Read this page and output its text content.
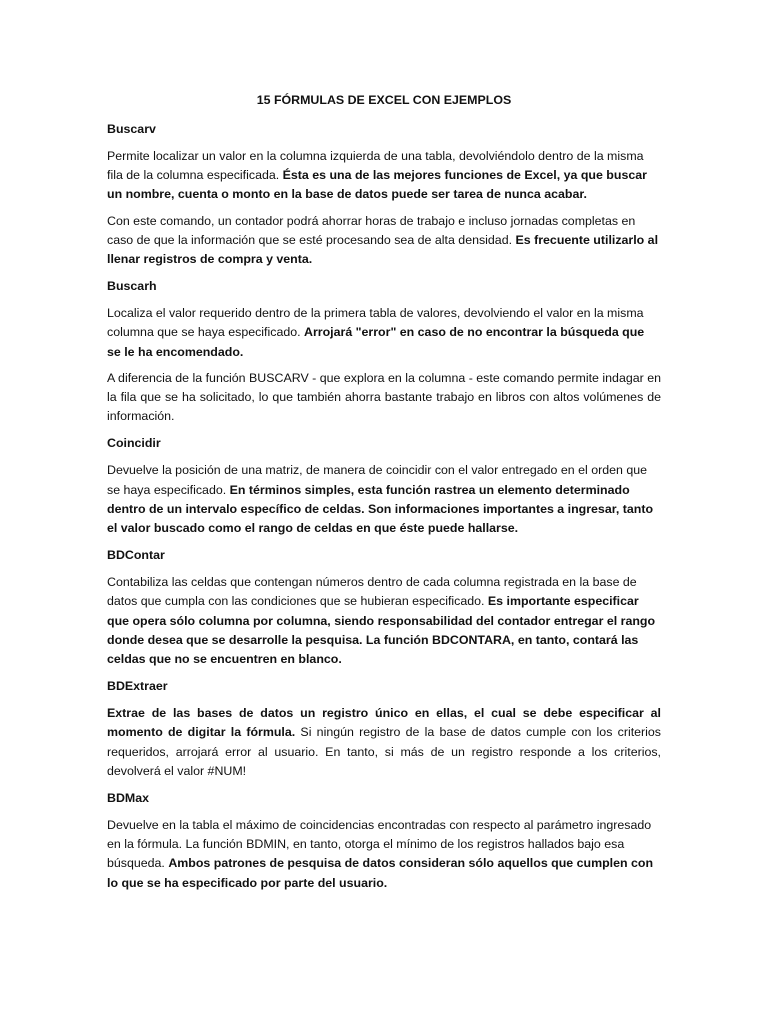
15 FÓRMULAS DE EXCEL CON EJEMPLOS
Buscarv

Permite localizar un valor en la columna izquierda de una tabla, devolviéndolo dentro de la misma fila de la columna especificada. Ésta es una de las mejores funciones de Excel, ya que buscar un nombre, cuenta o monto en la base de datos puede ser tarea de nunca acabar.

Con este comando, un contador podrá ahorrar horas de trabajo e incluso jornadas completas en caso de que la información que se esté procesando sea de alta densidad. Es frecuente utilizarlo al llenar registros de compra y venta.

Buscarh

Localiza el valor requerido dentro de la primera tabla de valores, devolviendo el valor en la misma columna que se haya especificado. Arrojará "error" en caso de no encontrar la búsqueda que se le ha encomendado.

A diferencia de la función BUSCARV - que explora en la columna - este comando permite indagar en la fila que se ha solicitado, lo que también ahorra bastante trabajo en libros con altos volúmenes de información.

Coincidir

Devuelve la posición de una matriz, de manera de coincidir con el valor entregado en el orden que se haya especificado. En términos simples, esta función rastrea un elemento determinado dentro de un intervalo específico de celdas. Son informaciones importantes a ingresar, tanto el valor buscado como el rango de celdas en que éste puede hallarse.

BDContar

Contabiliza las celdas que contengan números dentro de cada columna registrada en la base de datos que cumpla con las condiciones que se hubieran especificado. Es importante especificar que opera sólo columna por columna, siendo responsabilidad del contador entregar el rango donde desea que se desarrolle la pesquisa. La función BDCONTARA, en tanto, contará las celdas que no se encuentren en blanco.

BDExtraer

Extrae de las bases de datos un registro único en ellas, el cual se debe especificar al momento de digitar la fórmula. Si ningún registro de la base de datos cumple con los criterios requeridos, arrojará error al usuario. En tanto, si más de un registro responde a los criterios, devolverá el valor #NUM!

BDMax

Devuelve en la tabla el máximo de coincidencias encontradas con respecto al parámetro ingresado en la fórmula. La función BDMIN, en tanto, otorga el mínimo de los registros hallados bajo esa búsqueda. Ambos patrones de pesquisa de datos consideran sólo aquellos que cumplen con lo que se ha especificado por parte del usuario.
